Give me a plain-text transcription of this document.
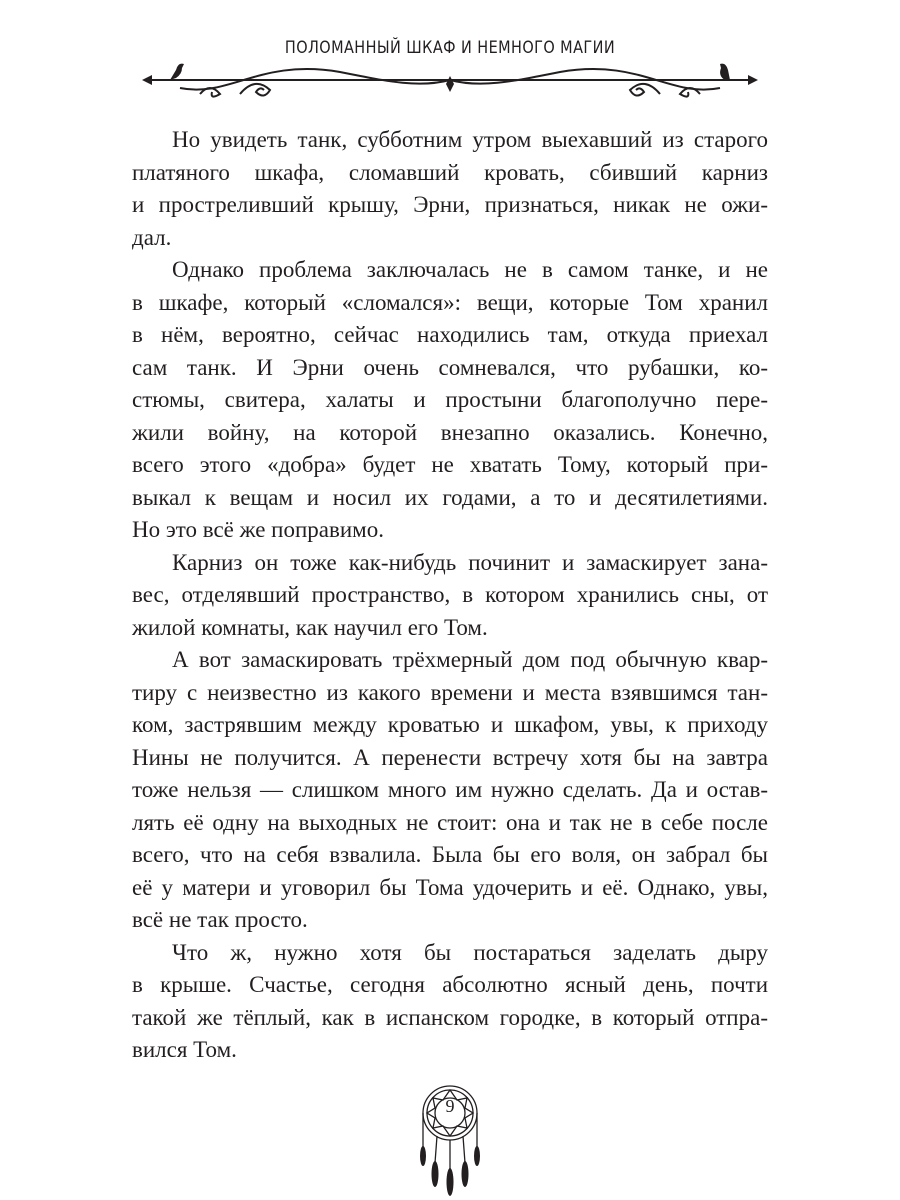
ПОЛОМАННЫЙ ШКАФ И НЕМНОГО МАГИИ
Но увидеть танк, субботним утром выехавший из старого
платяного шкафа, сломавший кровать, сбивший карниз
и простреливший крышу, Эрни, признаться, никак не ожи-
дал.
Однако проблема заключалась не в самом танке, и не
в шкафе, который «сломался»: вещи, которые Том хранил
в нём, вероятно, сейчас находились там, откуда приехал
сам танк. И Эрни очень сомневался, что рубашки, ко-
стюмы, свитера, халаты и простыни благополучно пере-
жили войну, на которой внезапно оказались. Конечно,
всего этого «добра» будет не хватать Тому, который при-
выкал к вещам и носил их годами, а то и десятилетиями.
Но это всё же поправимо.
Карниз он тоже как-нибудь починит и замаскирует зана-
вес, отделявший пространство, в котором хранились сны, от
жилой комнаты, как научил его Том.
А вот замаскировать трёхмерный дом под обычную квар-
тиру с неизвестно из какого времени и места взявшимся тан-
ком, застрявшим между кроватью и шкафом, увы, к приходу
Нины не получится. А перенести встречу хотя бы на завтра
тоже нельзя — слишком много им нужно сделать. Да и остав-
лять её одну на выходных не стоит: она и так не в себе после
всего, что на себя взвалила. Была бы его воля, он забрал бы
её у матери и уговорил бы Тома удочерить и её. Однако, увы,
всё не так просто.
Что ж, нужно хотя бы постараться заделать дыру
в крыше. Счастье, сегодня абсолютно ясный день, почти
такой же тёплый, как в испанском городке, в который отпра-
вился Том.
9
